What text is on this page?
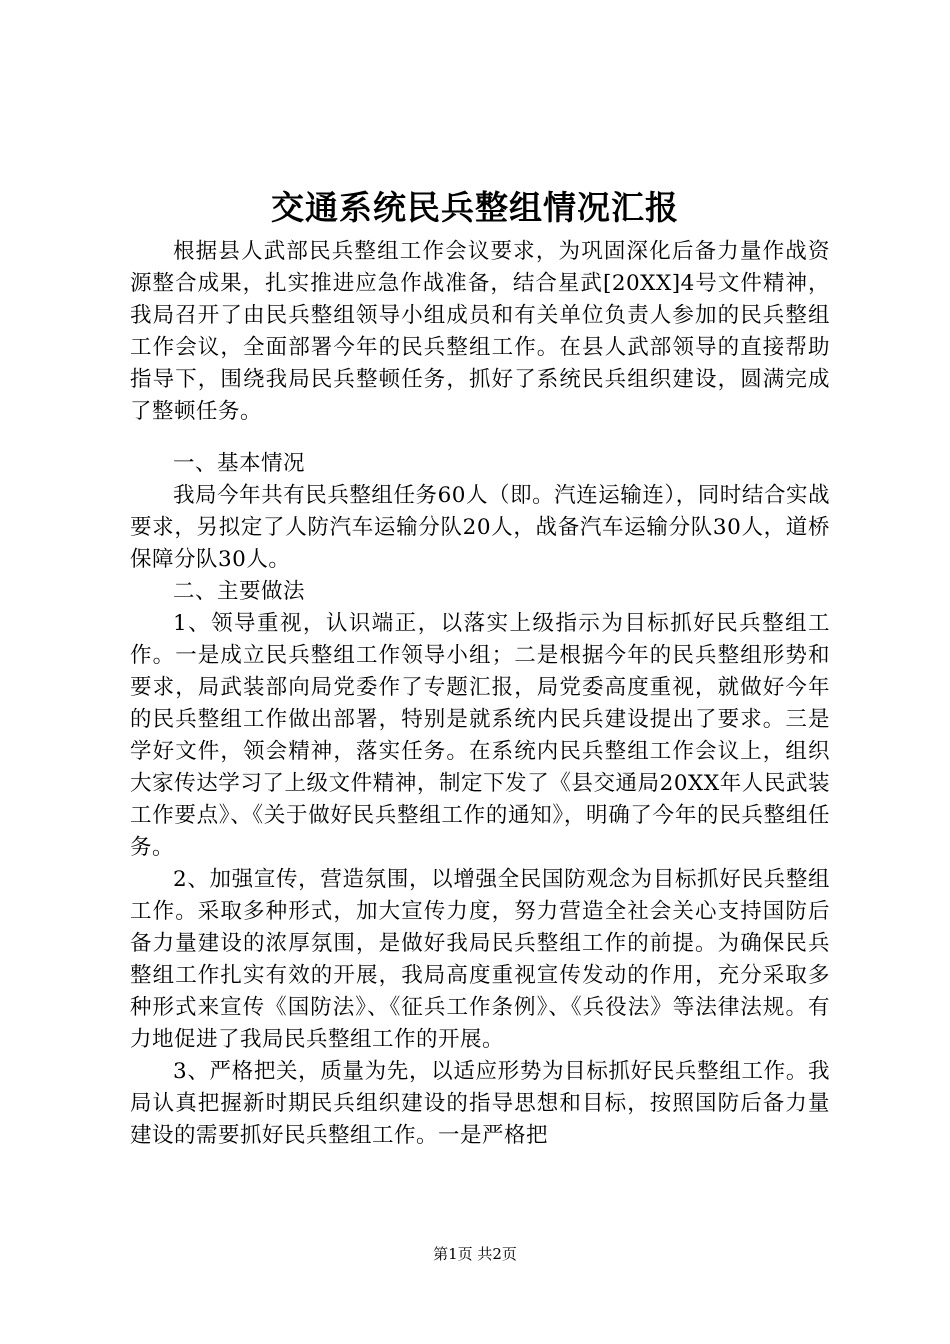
交通系统民兵整组情况汇报

根据县人武部民兵整组工作会议要求，为巩固深化后备力量作战资源整合成果，扎实推进应急作战准备，结合星武[20XX]4号文件精神，我局召开了由民兵整组领导小组成员和有关单位负责人参加的民兵整组工作会议，全面部署今年的民兵整组工作。在县人武部领导的直接帮助指导下，围绕我局民兵整顿任务，抓好了系统民兵组织建设，圆满完成了整顿任务。

一、基本情况

我局今年共有民兵整组任务60人（即。汽连运输连），同时结合实战要求，另拟定了人防汽车运输分队20人，战备汽车运输分队30人，道桥保障分队30人。

二、主要做法

1、领导重视，认识端正，以落实上级指示为目标抓好民兵整组工作。一是成立民兵整组工作领导小组；二是根据今年的民兵整组形势和要求，局武装部向局党委作了专题汇报，局党委高度重视，就做好今年的民兵整组工作做出部署，特别是就系统内民兵建设提出了要求。三是学好文件，领会精神，落实任务。在系统内民兵整组工作会议上，组织大家传达学习了上级文件精神，制定下发了《县交通局20XX年人民武装工作要点》、《关于做好民兵整组工作的通知》，明确了今年的民兵整组任务。

2、加强宣传，营造氛围，以增强全民国防观念为目标抓好民兵整组工作。采取多种形式，加大宣传力度，努力营造全社会关心支持国防后备力量建设的浓厚氛围，是做好我局民兵整组工作的前提。为确保民兵整组工作扎实有效的开展，我局高度重视宣传发动的作用，充分采取多种形式来宣传《国防法》、《征兵工作条例》、《兵役法》等法律法规。有力地促进了我局民兵整组工作的开展。

3、严格把关，质量为先，以适应形势为目标抓好民兵整组工作。我局认真把握新时期民兵组织建设的指导思想和目标，按照国防后备力量建设的需要抓好民兵整组工作。一是严格把

第1页 共2页
